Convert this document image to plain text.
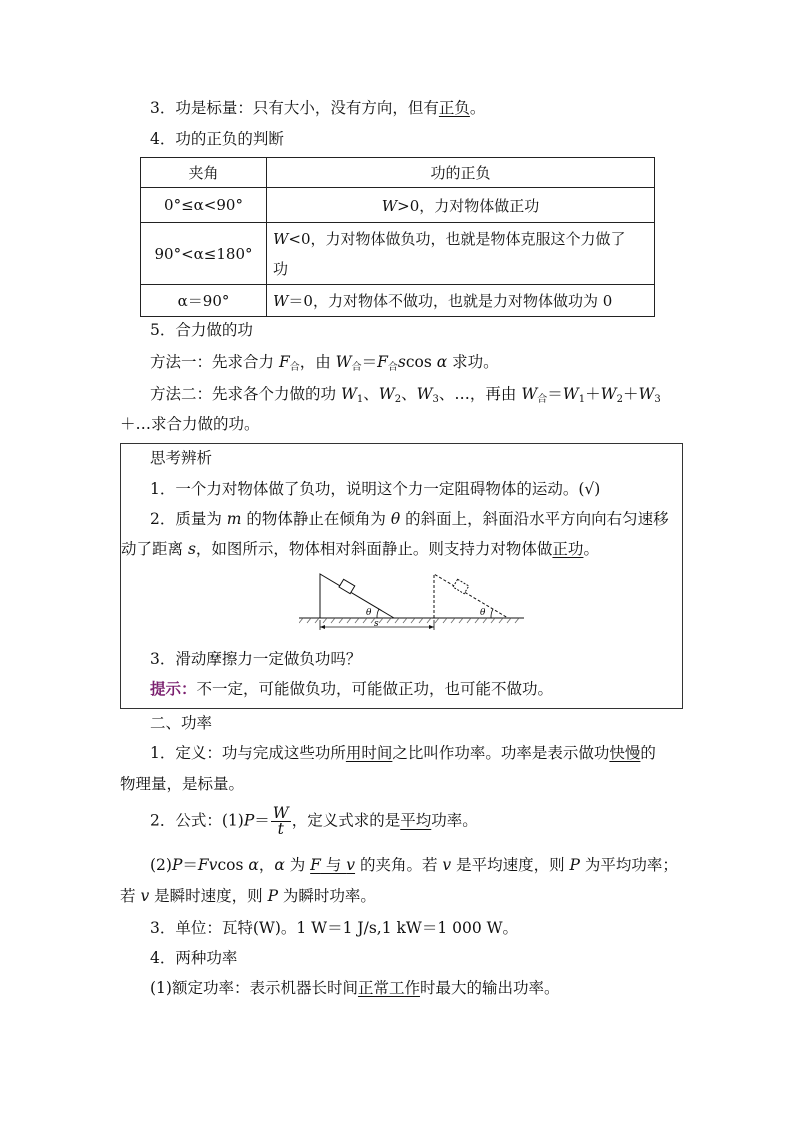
3．功是标量：只有大小，没有方向，但有正负。
4．功的正负的判断
夹角	功的正负
0°≤α<90°	W>0，力对物体做正功
90°<α≤180°	W<0，力对物体做负功，也就是物体克服这个力做了
功
α＝90°	W＝0，力对物体不做功，也就是力对物体做功为 0
5．合力做的功
方法一：先求合力 $F_合$，由 $W_合=F_合scos$ α 求功。
方法二：先求各个力做的功 $W_1$、$W_2$、$W_3$、…，再由 $W_合=W_1+W_2+W_3$
＋…求合力做的功。
思考辨析
1．一个力对物体做了负功，说明这个力一定阻碍物体的运动。(√)
2．质量为 m 的物体静止在倾角为 θ 的斜面上，斜面沿水平方向向右匀速移
动了距离 s，如图所示，物体相对斜面静止。则支持力对物体做正功。
θ	θ
s
3．滑动摩擦力一定做负功吗？
提示：不一定，可能做负功，可能做正功，也可能不做功。
二、功率
1．定义：功与完成这些功所用时间之比叫作功率。功率是表示做功快慢的
物理量，是标量。
2．公式：$(1)P= \frac{W}{t}$ ，定义式求的是平均功率。
(2)P＝Fvcos α，α 为 F 与 v 的夹角。若 v 是平均速度，则 P 为平均功率；
若 v 是瞬时速度，则 P 为瞬时功率。
3．单位：瓦特(W)。1 W＝1 J/s,1 kW＝1 000 W。
4．两种功率
(1)额定功率：表示机器长时间正常工作时最大的输出功率。
